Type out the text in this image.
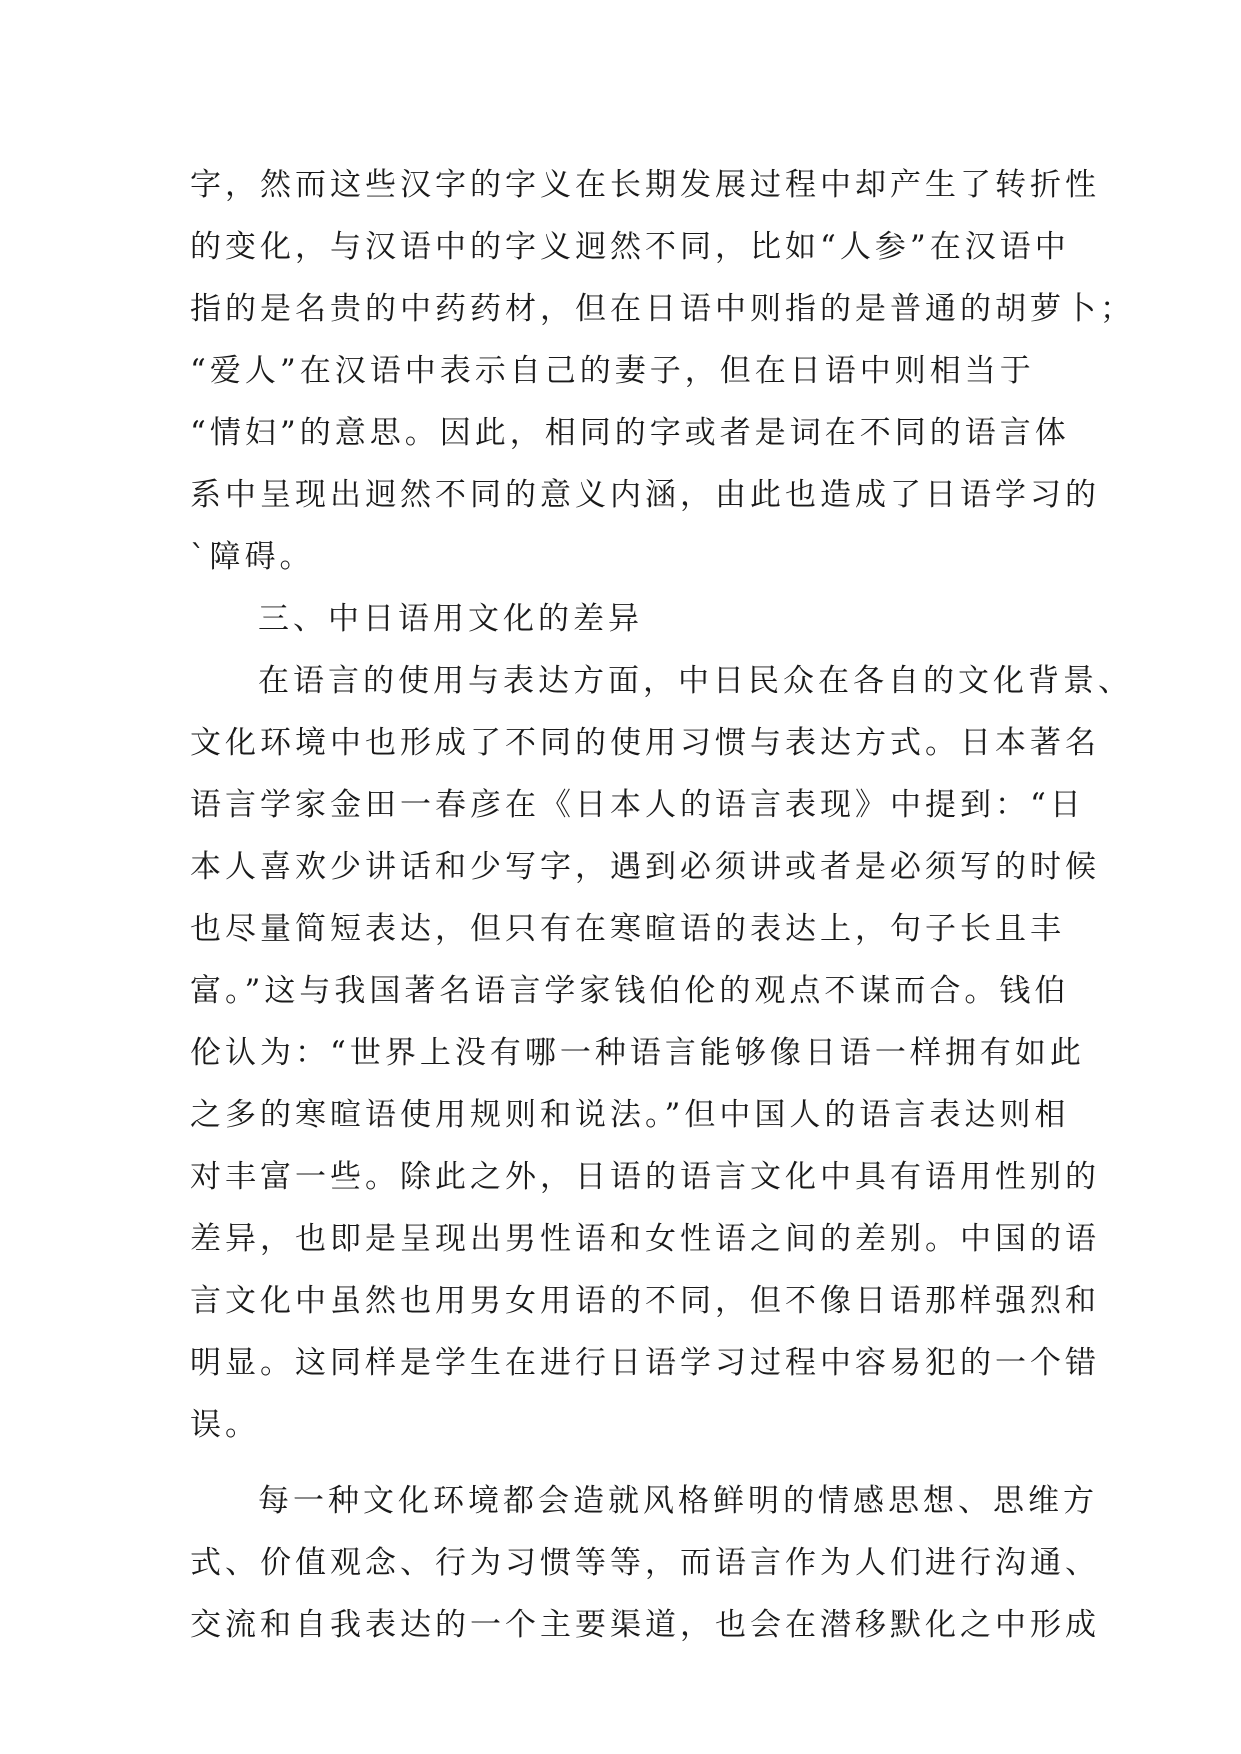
字，然而这些汉字的字义在长期发展过程中却产生了转折性
的变化，与汉语中的字义迥然不同，比如“人参”在汉语中
指的是名贵的中药药材，但在日语中则指的是普通的胡萝卜；
“爱人”在汉语中表示自己的妻子，但在日语中则相当于
“情妇”的意思。因此，相同的字或者是词在不同的语言体
系中呈现出迥然不同的意义内涵，由此也造成了日语学习的
`障碍。
三、中日语用文化的差异
在语言的使用与表达方面，中日民众在各自的文化背景、
文化环境中也形成了不同的使用习惯与表达方式。日本著名
语言学家金田一春彦在《日本人的语言表现》中提到：“日
本人喜欢少讲话和少写字，遇到必须讲或者是必须写的时候
也尽量简短表达，但只有在寒暄语的表达上，句子长且丰
富。”这与我国著名语言学家钱伯伦的观点不谋而合。钱伯
伦认为：“世界上没有哪一种语言能够像日语一样拥有如此
之多的寒暄语使用规则和说法。”但中国人的语言表达则相
对丰富一些。除此之外，日语的语言文化中具有语用性别的
差异，也即是呈现出男性语和女性语之间的差别。中国的语
言文化中虽然也用男女用语的不同，但不像日语那样强烈和
明显。这同样是学生在进行日语学习过程中容易犯的一个错
误。
每一种文化环境都会造就风格鲜明的情感思想、思维方
式、价值观念、行为习惯等等，而语言作为人们进行沟通、
交流和自我表达的一个主要渠道，也会在潜移默化之中形成
